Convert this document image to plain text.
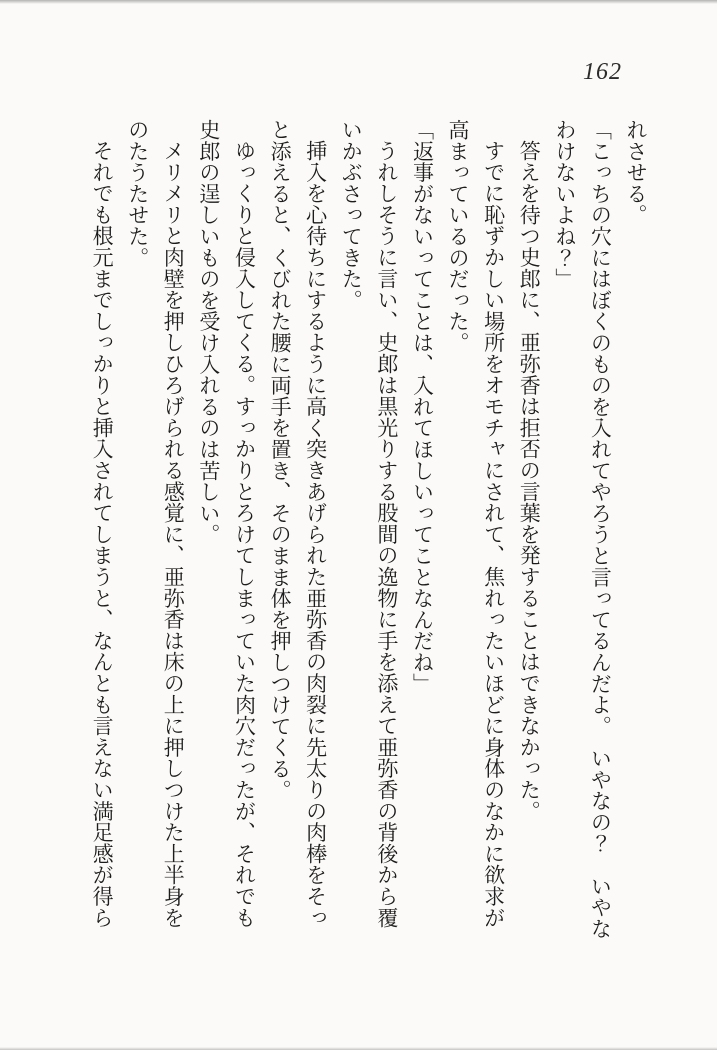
162
れさせる。
「こっちの穴にはぼくのものを入れてやろうと言ってるんだよ。　いやなの？　いやな
わけないよね？」
答えを待つ史郎に、亜弥香は拒否の言葉を発することはできなかった。
すでに恥ずかしい場所をオモチャにされて、焦れったいほどに身体のなかに欲求が
高まっているのだった。
「返事がないってことは、入れてほしいってことなんだね」
うれしそうに言い、史郎は黒光りする股間の逸物に手を添えて亜弥香の背後から覆
いかぶさってきた。
挿入を心待ちにするように高く突きあげられた亜弥香の肉裂に先太りの肉棒をそっ
と添えると、くびれた腰に両手を置き、そのまま体を押しつけてくる。
ゆっくりと侵入してくる。すっかりとろけてしまっていた肉穴だったが、それでも
史郎の逞しいものを受け入れるのは苦しい。
メリメリと肉壁を押しひろげられる感覚に、亜弥香は床の上に押しつけた上半身を
のたうたせた。
それでも根元までしっかりと挿入されてしまうと、なんとも言えない満足感が得ら
